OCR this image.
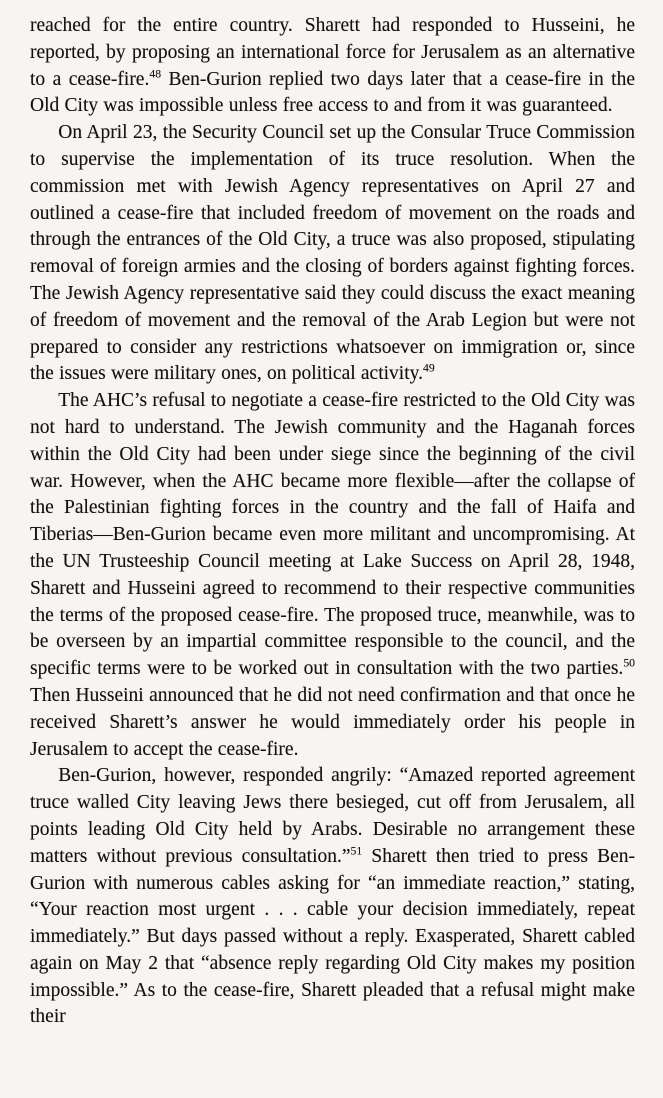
reached for the entire country. Sharett had responded to Husseini, he reported, by proposing an international force for Jerusalem as an alternative to a cease-fire.$^{48}$ Ben-Gurion replied two days later that a cease-fire in the Old City was impossible unless free access to and from it was guaranteed.

On April 23, the Security Council set up the Consular Truce Commission to supervise the implementation of its truce resolution. When the commission met with Jewish Agency representatives on April 27 and outlined a cease-fire that included freedom of movement on the roads and through the entrances of the Old City, a truce was also proposed, stipulating removal of foreign armies and the closing of borders against fighting forces. The Jewish Agency representative said they could discuss the exact meaning of freedom of movement and the removal of the Arab Legion but were not prepared to consider any restrictions whatsoever on immigration or, since the issues were military ones, on political activity.$^{49}$

The AHC’s refusal to negotiate a cease-fire restricted to the Old City was not hard to understand. The Jewish community and the Haganah forces within the Old City had been under siege since the beginning of the civil war. However, when the AHC became more flexible—after the collapse of the Palestinian fighting forces in the country and the fall of Haifa and Tiberias—Ben-Gurion became even more militant and uncompromising. At the UN Trusteeship Council meeting at Lake Success on April 28, 1948, Sharett and Husseini agreed to recommend to their respective communities the terms of the proposed cease-fire. The proposed truce, meanwhile, was to be overseen by an impartial committee responsible to the council, and the specific terms were to be worked out in consultation with the two parties.$^{50}$ Then Husseini announced that he did not need confirmation and that once he received Sharett’s answer he would immediately order his people in Jerusalem to accept the cease-fire.

Ben-Gurion, however, responded angrily: “Amazed reported agreement truce walled City leaving Jews there besieged, cut off from Jerusalem, all points leading Old City held by Arabs. Desirable no arrangement these matters without previous consultation.”$^{51}$ Sharett then tried to press Ben-Gurion with numerous cables asking for “an immediate reaction,” stating, “Your reaction most urgent . . . cable your decision immediately, repeat immediately.” But days passed without a reply. Exasperated, Sharett cabled again on May 2 that “absence reply regarding Old City makes my position impossible.” As to the cease-fire, Sharett pleaded that a refusal might make their
